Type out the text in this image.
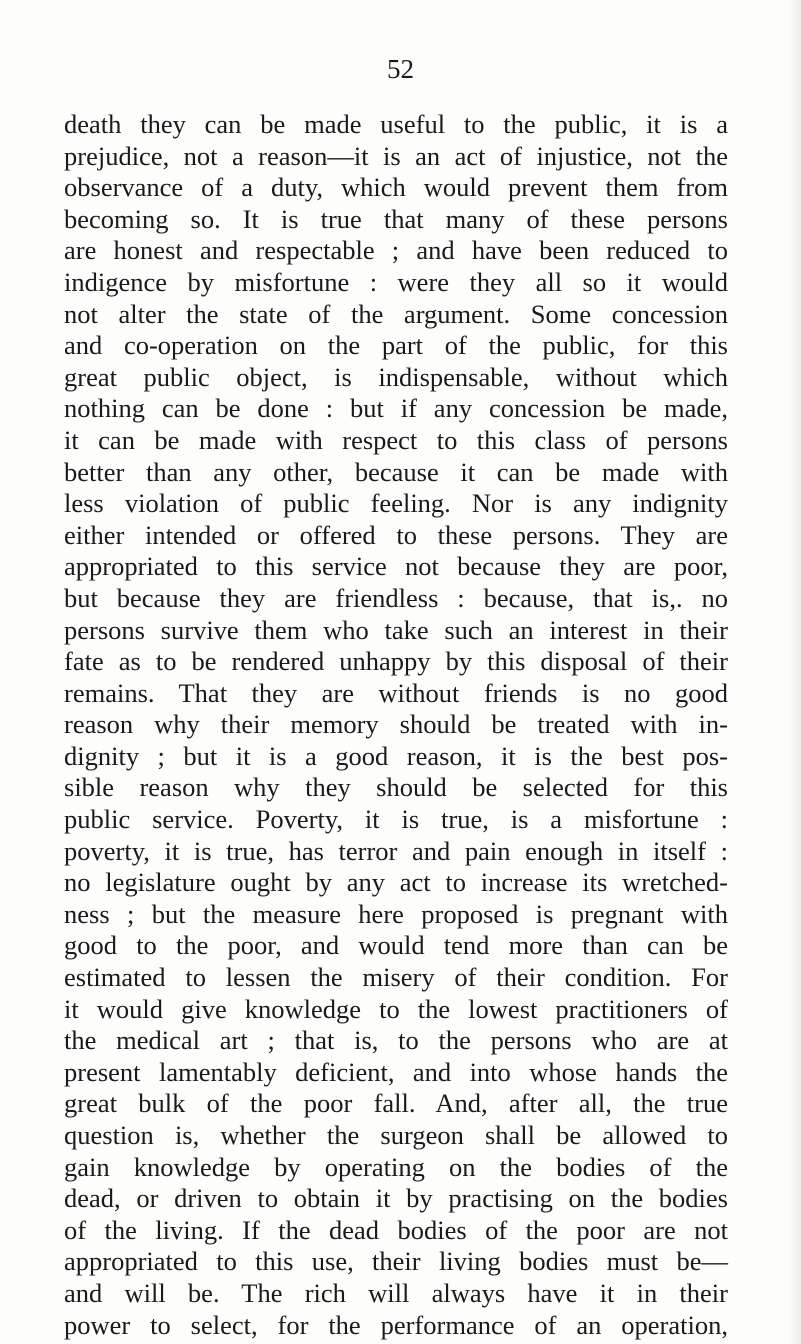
52
death they can be made useful to the public, it is a
prejudice, not a reason—it is an act of injustice, not the
observance of a duty, which would prevent them from
becoming so. It is true that many of these persons
are honest and respectable ; and have been reduced to
indigence by misfortune : were they all so it would
not alter the state of the argument. Some concession
and co-operation on the part of the public, for this
great public object, is indispensable, without which
nothing can be done : but if any concession be made,
it can be made with respect to this class of persons
better than any other, because it can be made with
less violation of public feeling. Nor is any indignity
either intended or offered to these persons. They are
appropriated to this service not because they are poor,
but because they are friendless : because, that is,. no
persons survive them who take such an interest in their
fate as to be rendered unhappy by this disposal of their
remains. That they are without friends is no good
reason why their memory should be treated with in-
dignity ; but it is a good reason, it is the best pos-
sible reason why they should be selected for this
public service. Poverty, it is true, is a misfortune :
poverty, it is true, has terror and pain enough in itself :
no legislature ought by any act to increase its wretched-
ness ; but the measure here proposed is pregnant with
good to the poor, and would tend more than can be
estimated to lessen the misery of their condition. For
it would give knowledge to the lowest practitioners of
the medical art ; that is, to the persons who are at
present lamentably deficient, and into whose hands the
great bulk of the poor fall. And, after all, the true
question is, whether the surgeon shall be allowed to
gain knowledge by operating on the bodies of the
dead, or driven to obtain it by practising on the bodies
of the living. If the dead bodies of the poor are not
appropriated to this use, their living bodies must be—
and will be. The rich will always have it in their
power to select, for the performance of an operation,
